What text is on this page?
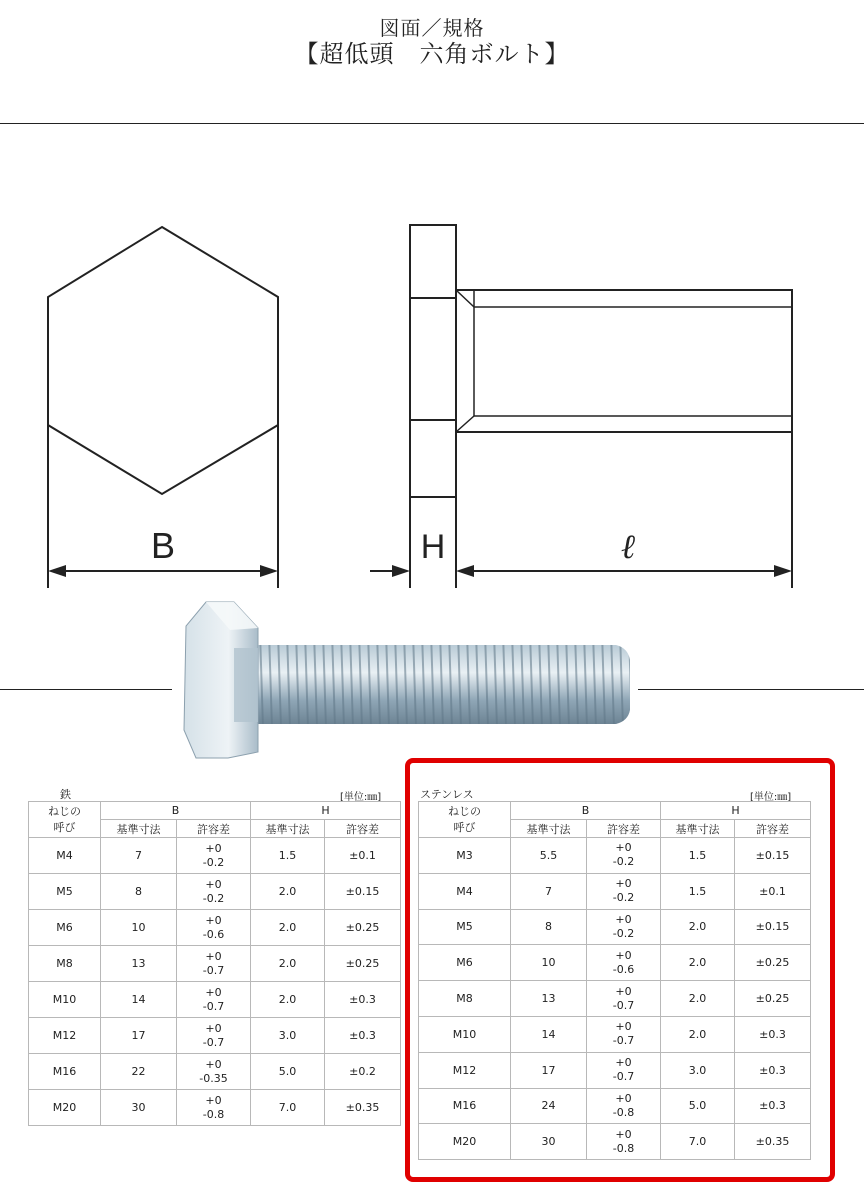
図面／規格
【超低頭　六角ボルト】
B	H	ℓ
鉄	[単位:㎜]
ねじの
呼び	B		H	
	基準寸法	許容差	基準寸法	許容差
M4	7	+0
-0.2	1.5	±0.1
M5	8	+0
-0.2	2.0	±0.15
M6	10	+0
-0.6	2.0	±0.25
M8	13	+0
-0.7	2.0	±0.25
M10	14	+0
-0.7	2.0	±0.3
M12	17	+0
-0.7	3.0	±0.3
M16	22	+0
-0.35	5.0	±0.2
M20	30	+0
-0.8	7.0	±0.35
ステンレス	[単位:㎜]
ねじの
呼び	B		H	
	基準寸法	許容差	基準寸法	許容差
M3	5.5	+0
-0.2	1.5	±0.15
M4	7	+0
-0.2	1.5	±0.1
M5	8	+0
-0.2	2.0	±0.15
M6	10	+0
-0.6	2.0	±0.25
M8	13	+0
-0.7	2.0	±0.25
M10	14	+0
-0.7	2.0	±0.3
M12	17	+0
-0.7	3.0	±0.3
M16	24	+0
-0.8	5.0	±0.3
M20	30	+0
-0.8	7.0	±0.35
